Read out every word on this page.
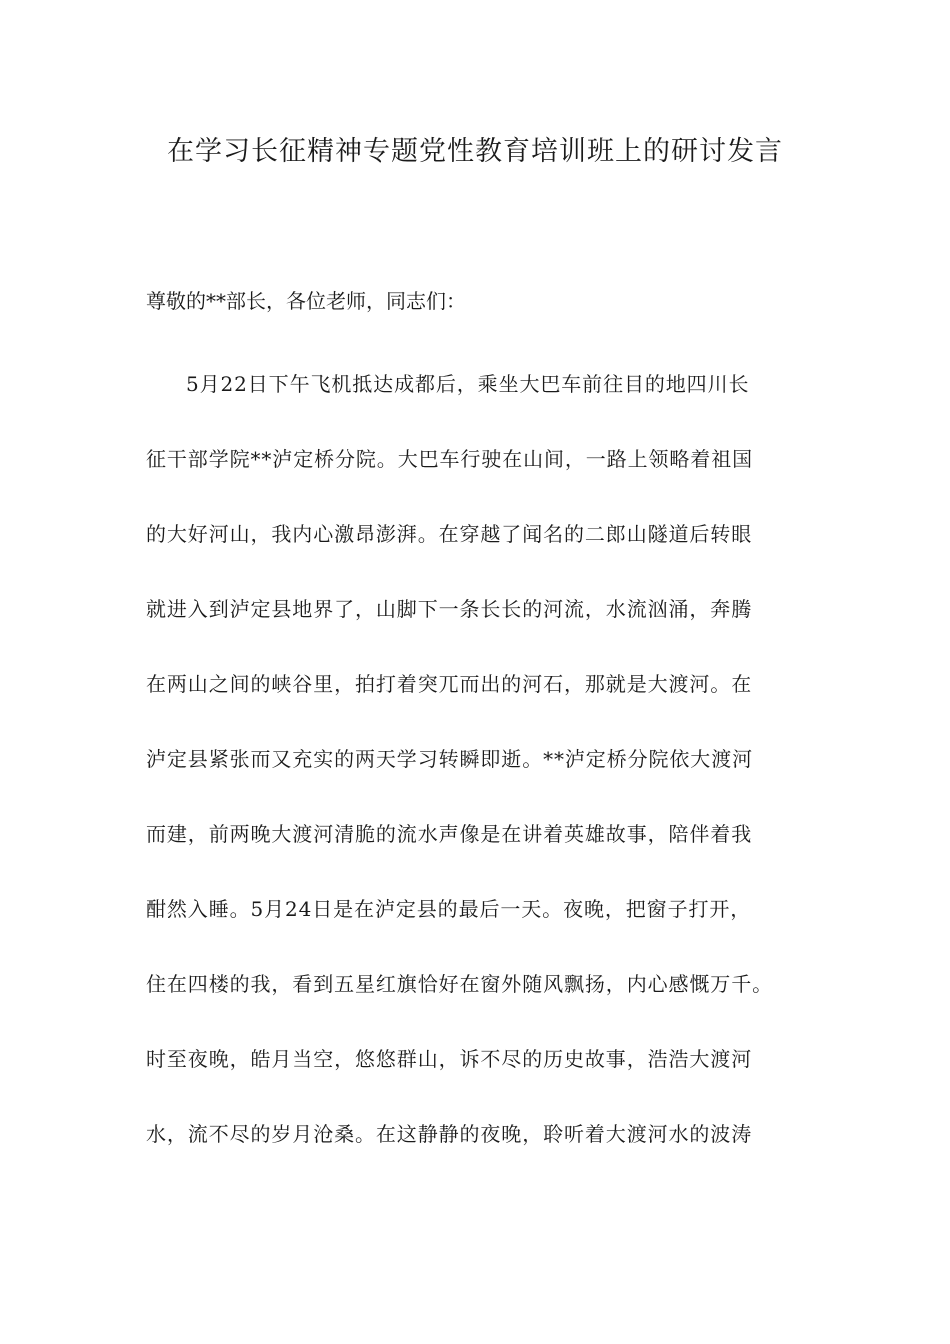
在学习长征精神专题党性教育培训班上的研讨发言
尊敬的**部长，各位老师，同志们：
5月22日下午飞机抵达成都后，乘坐大巴车前往目的地四川长
征干部学院**泸定桥分院。大巴车行驶在山间，一路上领略着祖国
的大好河山，我内心激昂澎湃。在穿越了闻名的二郎山隧道后转眼
就进入到泸定县地界了，山脚下一条长长的河流，水流汹涌，奔腾
在两山之间的峡谷里，拍打着突兀而出的河石，那就是大渡河。在
泸定县紧张而又充实的两天学习转瞬即逝。**泸定桥分院依大渡河
而建，前两晚大渡河清脆的流水声像是在讲着英雄故事，陪伴着我
酣然入睡。5月24日是在泸定县的最后一天。夜晚，把窗子打开，
住在四楼的我，看到五星红旗恰好在窗外随风飘扬，内心感慨万千。
时至夜晚，皓月当空，悠悠群山，诉不尽的历史故事，浩浩大渡河
水，流不尽的岁月沧桑。在这静静的夜晚，聆听着大渡河水的波涛
